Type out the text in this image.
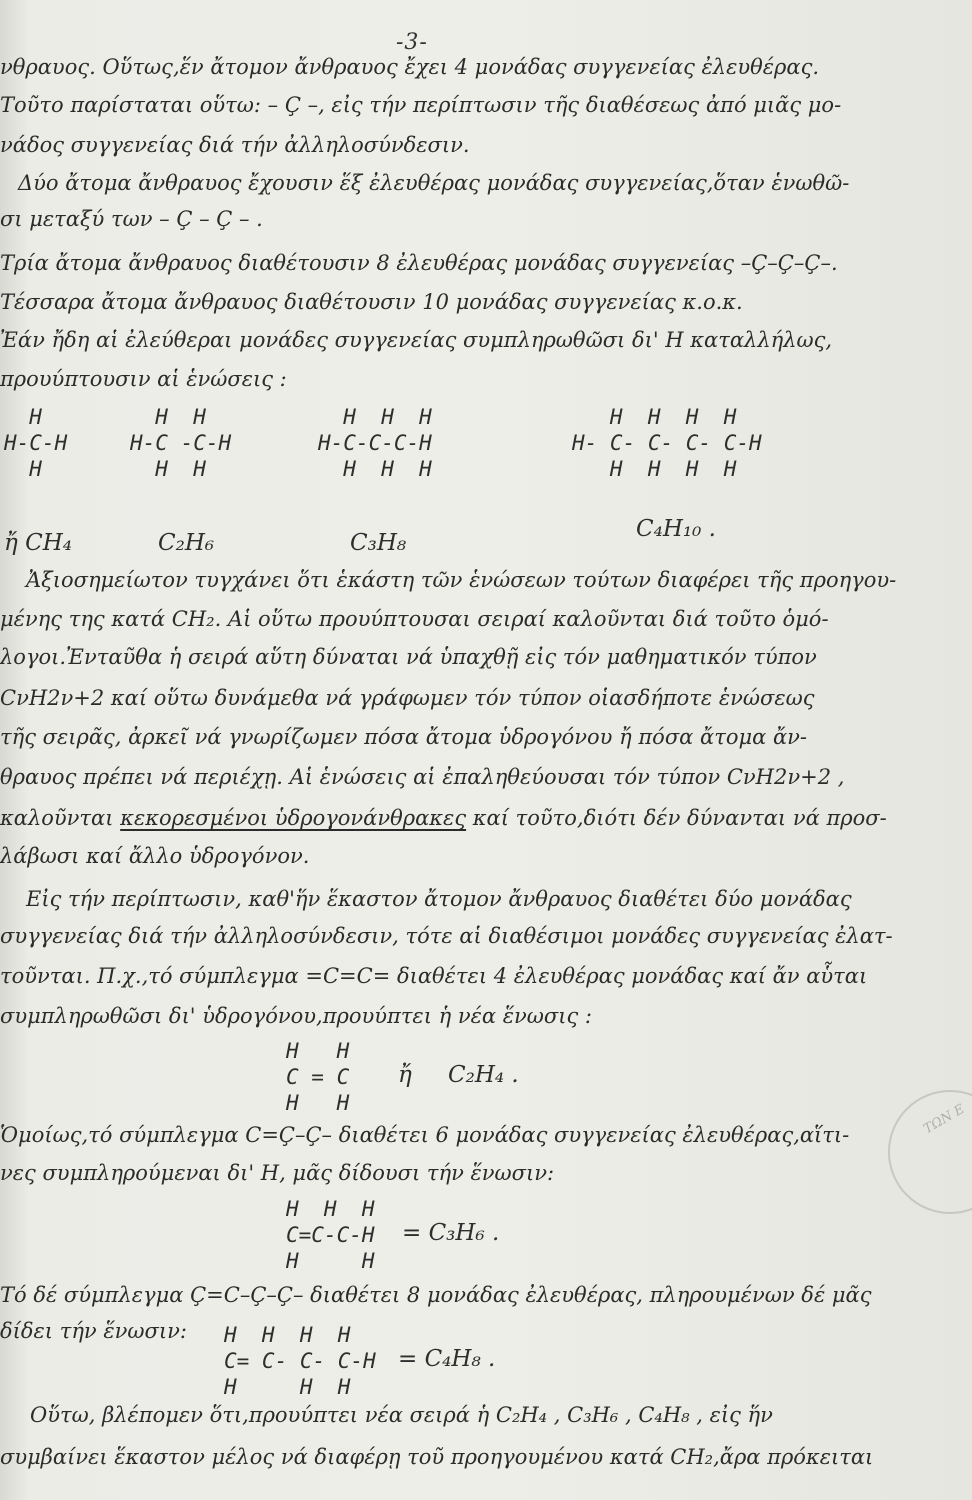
-3-
νθραυος. Οὕτως,ἕν ἄτομον ἄνθραυος ἔχει 4 μονάδας συγγενείας ἐλευθέρας.
Τοῦτο παρίσταται οὕτω: – Ç –, εἰς τήν περίπτωσιν τῆς διαθέσεως ἀπό μιᾶς μο-
νάδος συγγενείας διά τήν ἀλληλοσύνδεσιν.
Δύο ἄτομα ἄνθραυος ἔχουσιν ἕξ ἐλευθέρας μονάδας συγγενείας,ὅταν ἑνωθῶ-
σι μεταξύ των – Ç – Ç – .
Τρία ἄτομα ἄνθραυος διαθέτουσιν 8 ἐλευθέρας μονάδας συγγενείας –Ç–Ç–Ç–.
Τέσσαρα ἄτομα ἄνθραυος διαθέτουσιν 10 μονάδας συγγενείας κ.ο.κ.
Ἐάν ἤδη αἱ ἐλεύθεραι μονάδες συγγενείας συμπληρωθῶσι δι' H καταλλήλως,
προυύπτουσιν αἱ ἑνώσεις :
H
H-C-H
H
H  H
H-C -C-H
H  H
H  H  H
H-C-C-C-H
H  H  H
H  H  H  H
H- C- C- C- C-H
H  H  H  H
ἤ CH₄	C₂H₆	C₃H₈
C₄H₁₀ .
Ἀξιοσημείωτον τυγχάνει ὅτι ἑκάστη τῶν ἑνώσεων τούτων διαφέρει τῆς προηγου-
μένης της κατά CH₂. Αἱ οὕτω προυύπτουσαι σειραί καλοῦνται διά τοῦτο ὁμό-
λογοι.Ἐνταῦθα ἡ σειρά αὕτη δύναται νά ὑπαχθῇ εἰς τόν μαθηματικόν τύπον
CνH2ν+2 καί οὕτω δυνάμεθα νά γράφωμεν τόν τύπον οἱασδήποτε ἑνώσεως
τῆς σειρᾶς, ἀρκεῖ νά γνωρίζωμεν πόσα ἄτομα ὑδρογόνου ἤ πόσα ἄτομα ἄν-
θραυος πρέπει νά περιέχῃ. Αἱ ἑνώσεις αἱ ἐπαληθεύουσαι τόν τύπον CνH2ν+2 ,
καλοῦνται κεκορεσμένοι ὑδρογονάνθρακες καί τοῦτο,διότι δέν δύνανται νά προσ-
λάβωσι καί ἄλλο ὑδρογόνον.
Εἰς τήν περίπτωσιν, καθ'ἥν ἕκαστον ἄτομον ἄνθραυος διαθέτει δύο μονάδας
συγγενείας διά τήν ἀλληλοσύνδεσιν, τότε αἱ διαθέσιμοι μονάδες συγγενείας ἐλατ-
τοῦνται. Π.χ.,τό σύμπλεγμα =C=C= διαθέτει 4 ἐλευθέρας μονάδας καί ἄν αὗται
συμπληρωθῶσι δι' ὑδρογόνου,προυύπτει ἡ νέα ἕνωσις :
H   H
C = C
H   H
ἤ C₂H₄ .
Ὁμοίως,τό σύμπλεγμα C=Ç–Ç– διαθέτει 6 μονάδας συγγενείας ἐλευθέρας,αἵτι-
νες συμπληρούμεναι δι' H, μᾶς δίδουσι τήν ἕνωσιν:
H  H  H
C=C-C-H
H     H
= C₃H₆ .
Τό δέ σύμπλεγμα Ç=C–Ç–Ç– διαθέτει 8 μονάδας ἐλευθέρας, πληρουμένων δέ μᾶς
δίδει τήν ἕνωσιν: H  H  H  H
C= C- C- C-H
H     H  H
= C₄H₈ .
Οὕτω, βλέπομεν ὅτι,προυύπτει νέα σειρά ἡ C₂H₄ , C₃H₆ , C₄H₈ , εἰς ἥν
συμβαίνει ἕκαστον μέλος νά διαφέρῃ τοῦ προηγουμένου κατά CH₂,ἄρα πρόκειται
ΤΩΝ Ε
